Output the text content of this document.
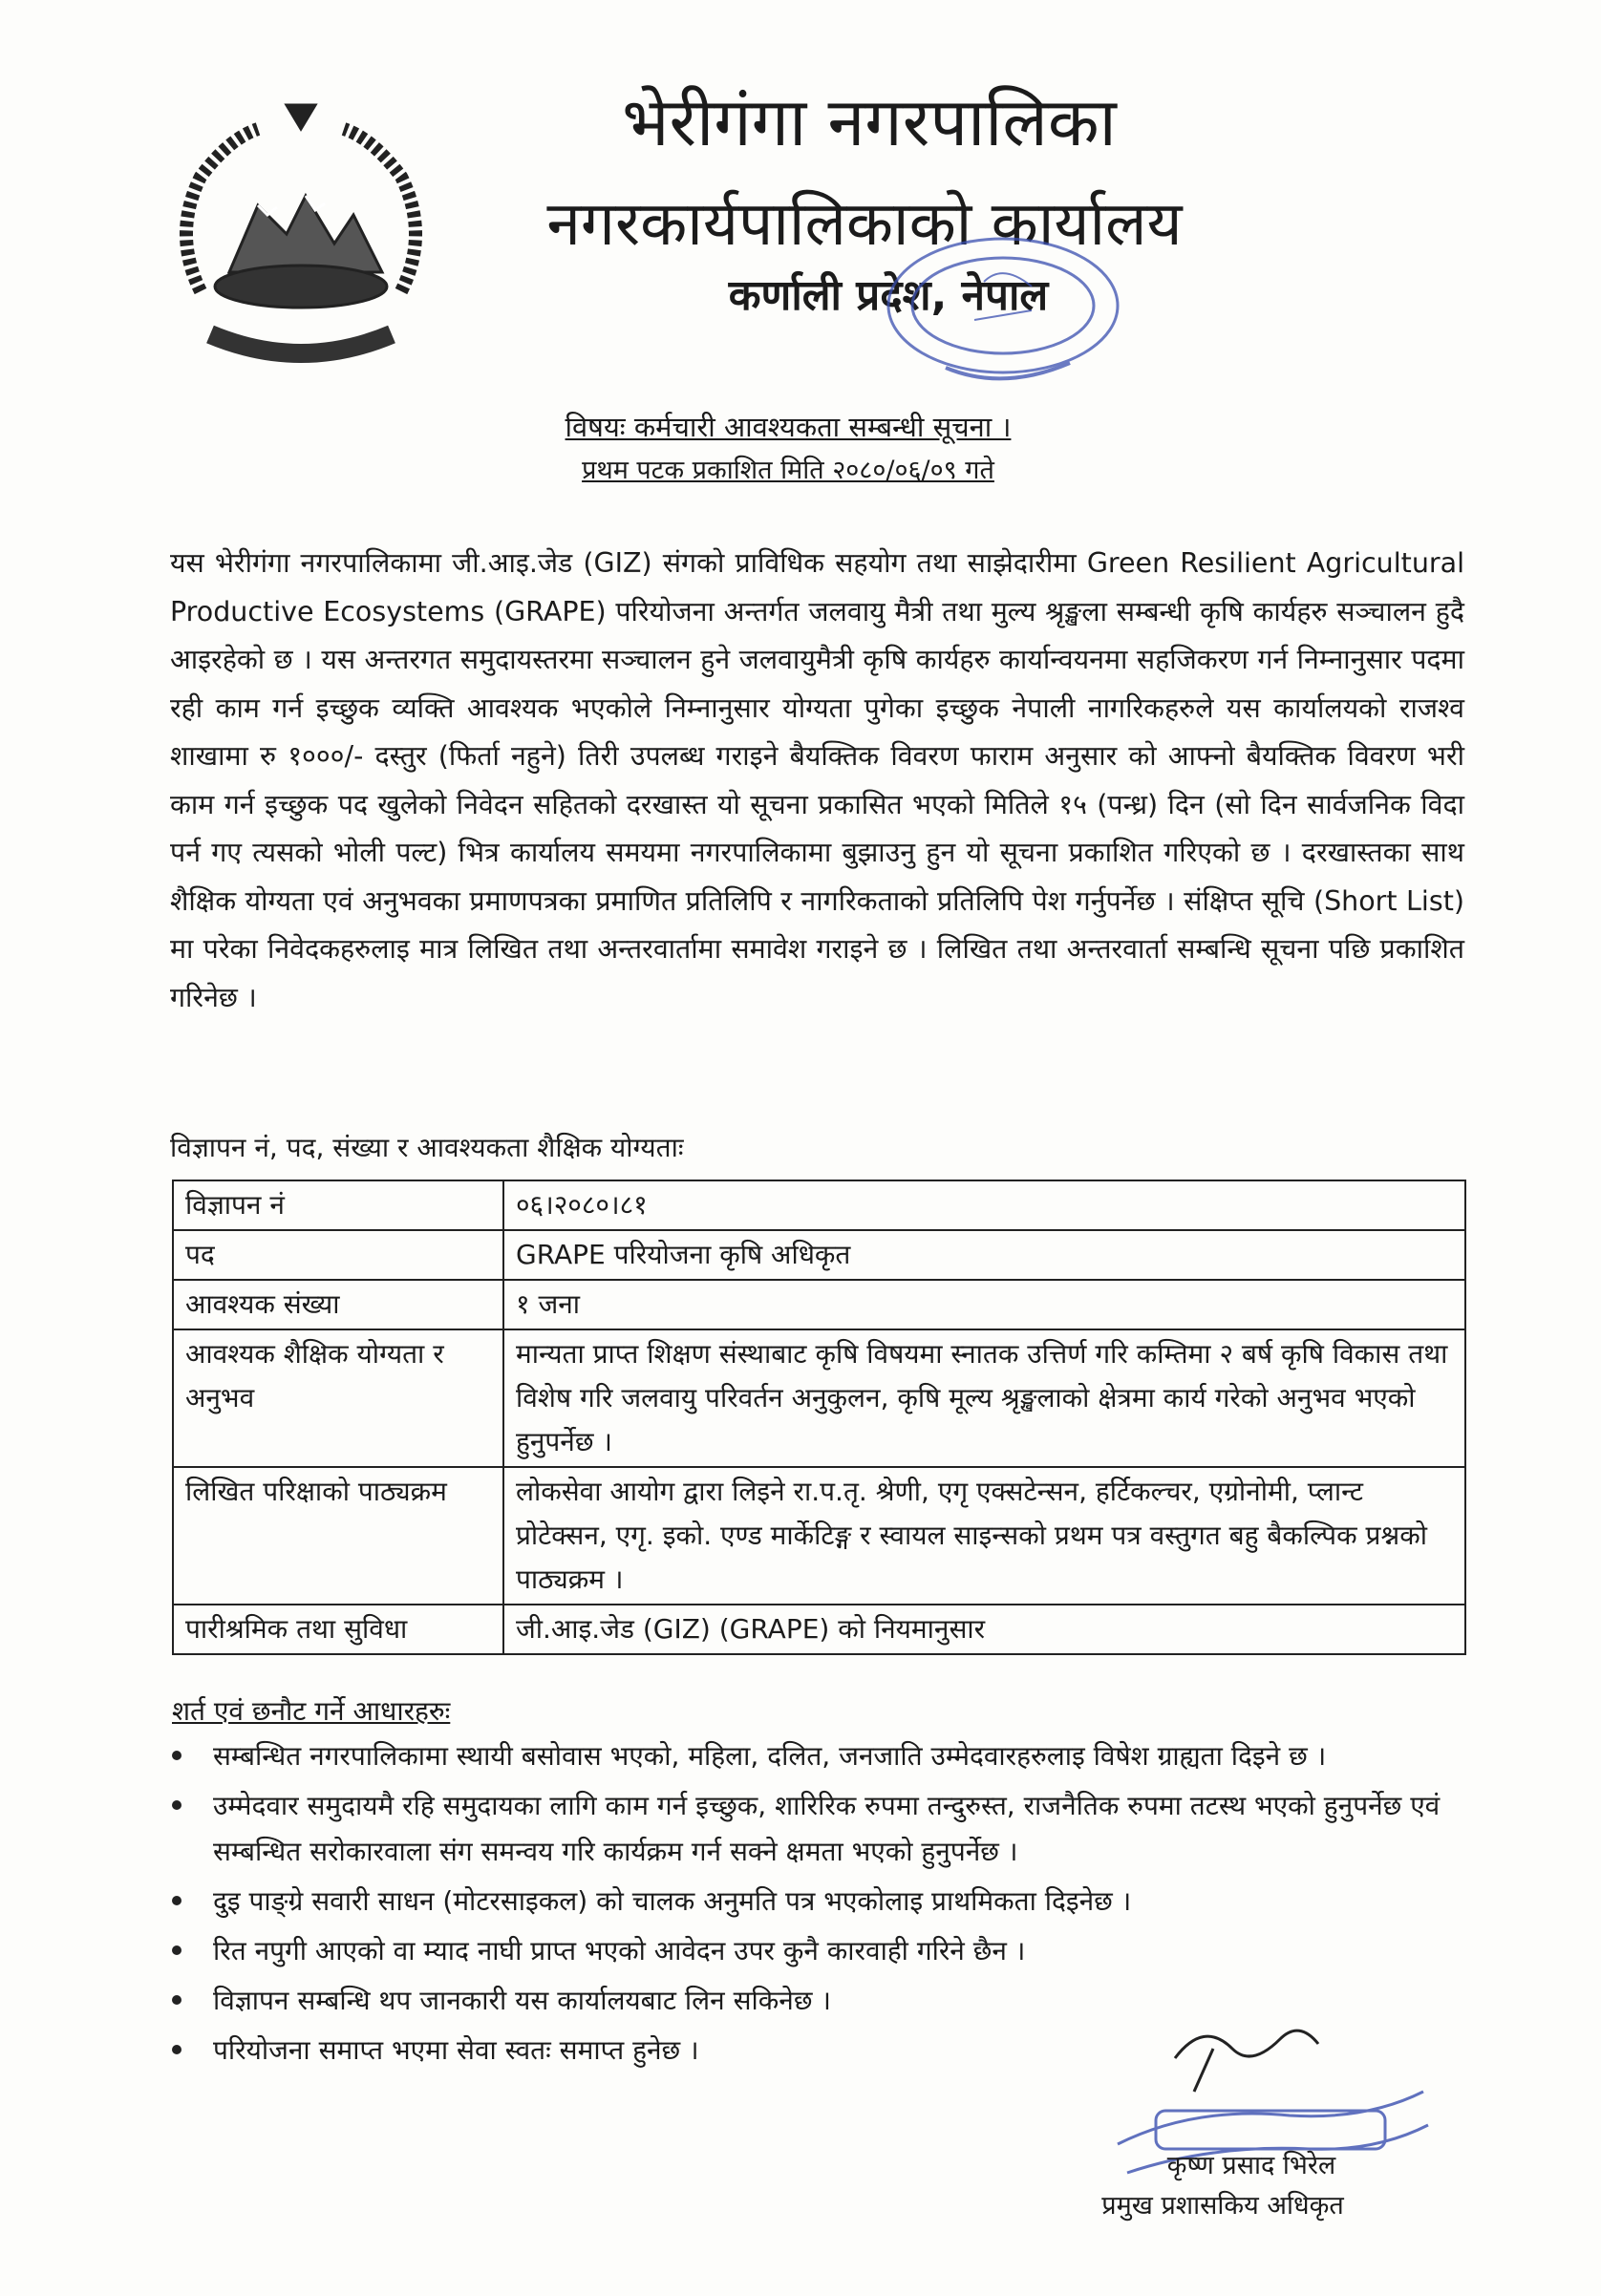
भेरीगंगा नगरपालिका
नगरकार्यपालिकाको कार्यालय
कर्णाली प्रदेश, नेपाल
विषयः कर्मचारी आवश्यकता सम्बन्धी सूचना ।
प्रथम पटक प्रकाशित मिति २०८०/०६/०९ गते
यस भेरीगंगा नगरपालिकामा जी.आइ.जेड (GIZ) संगको प्राविधिक सहयोग तथा साझेदारीमा Green Resilient Agricultural Productive Ecosystems (GRAPE) परियोजना अन्तर्गत जलवायु मैत्री तथा मुल्य श्रृङ्खला सम्बन्धी कृषि कार्यहरु सञ्चालन हुदै आइरहेको छ । यस अन्तरगत समुदायस्तरमा सञ्चालन हुने जलवायुमैत्री कृषि कार्यहरु कार्यान्वयनमा सहजिकरण गर्न निम्नानुसार पदमा रही काम गर्न इच्छुक व्यक्ति आवश्यक भएकोले निम्नानुसार योग्यता पुगेका इच्छुक नेपाली नागरिकहरुले यस कार्यालयको राजश्व शाखामा रु १०००/- दस्तुर (फिर्ता नहुने) तिरी उपलब्ध गराइने बैयक्तिक विवरण फाराम अनुसार को आफ्नो बैयक्तिक विवरण भरी काम गर्न इच्छुक पद खुलेको निवेदन सहितको दरखास्त यो सूचना प्रकासित भएको मितिले १५ (पन्ध्र) दिन (सो दिन सार्वजनिक विदा पर्न गए त्यसको भोली पल्ट) भित्र कार्यालय समयमा नगरपालिकामा बुझाउनु हुन यो सूचना प्रकाशित गरिएको छ । दरखास्तका साथ शैक्षिक योग्यता एवं अनुभवका प्रमाणपत्रका प्रमाणित प्रतिलिपि र नागरिकताको प्रतिलिपि पेश गर्नुपर्नेछ । संक्षिप्त सूचि (Short List) मा परेका निवेदकहरुलाइ मात्र लिखित तथा अन्तरवार्तामा समावेश गराइने छ । लिखित तथा अन्तरवार्ता सम्बन्धि सूचना पछि प्रकाशित गरिनेछ ।
विज्ञापन नं, पद, संख्या र आवश्यकता शैक्षिक योग्यताः
विज्ञापन नं	०६।२०८०।८१
पद	GRAPE परियोजना कृषि अधिकृत
आवश्यक संख्या	१ जना
आवश्यक शैक्षिक योग्यता र अनुभव	मान्यता प्राप्त शिक्षण संस्थाबाट कृषि विषयमा स्नातक उत्तिर्ण गरि कम्तिमा २ बर्ष कृषि विकास तथा विशेष गरि जलवायु परिवर्तन अनुकुलन, कृषि मूल्य श्रृङ्खलाको क्षेत्रमा कार्य गरेको अनुभव भएको हुनुपर्नेछ ।
लिखित परिक्षाको पाठ्यक्रम	लोकसेवा आयोग द्वारा लिइने रा.प.तृ. श्रेणी, एगृ एक्सटेन्सन, हर्टिकल्चर, एग्रोनोमी, प्लान्ट प्रोटेक्सन, एगृ. इको. एण्ड मार्केटिङ्ग र स्वायल साइन्सको प्रथम पत्र वस्तुगत बहु बैकल्पिक प्रश्नको पाठ्यक्रम ।
पारीश्रमिक तथा सुविधा	जी.आइ.जेड (GIZ) (GRAPE) को नियमानुसार
शर्त एवं छनौट गर्ने आधारहरुः
सम्बन्धित नगरपालिकामा स्थायी बसोवास भएको, महिला, दलित, जनजाति उम्मेदवारहरुलाइ विषेश ग्राह्यता दिइने छ ।
उम्मेदवार समुदायमै रहि समुदायका लागि काम गर्न इच्छुक, शारिरिक रुपमा तन्दुरुस्त, राजनैतिक रुपमा तटस्थ भएको हुनुपर्नेछ एवं सम्बन्धित सरोकारवाला संग समन्वय गरि कार्यक्रम गर्न सक्ने क्षमता भएको हुनुपर्नेछ ।
दुइ पाङ्ग्रे सवारी साधन (मोटरसाइकल) को चालक अनुमति पत्र भएकोलाइ प्राथमिकता दिइनेछ ।
रित नपुगी आएको वा म्याद नाघी प्राप्त भएको आवेदन उपर कुनै कारवाही गरिने छैन ।
विज्ञापन सम्बन्धि थप जानकारी यस कार्यालयबाट लिन सकिनेछ ।
परियोजना समाप्त भएमा सेवा स्वतः समाप्त हुनेछ ।
कृष्ण प्रसाद भिरेल
प्रमुख प्रशासकिय अधिकृत
